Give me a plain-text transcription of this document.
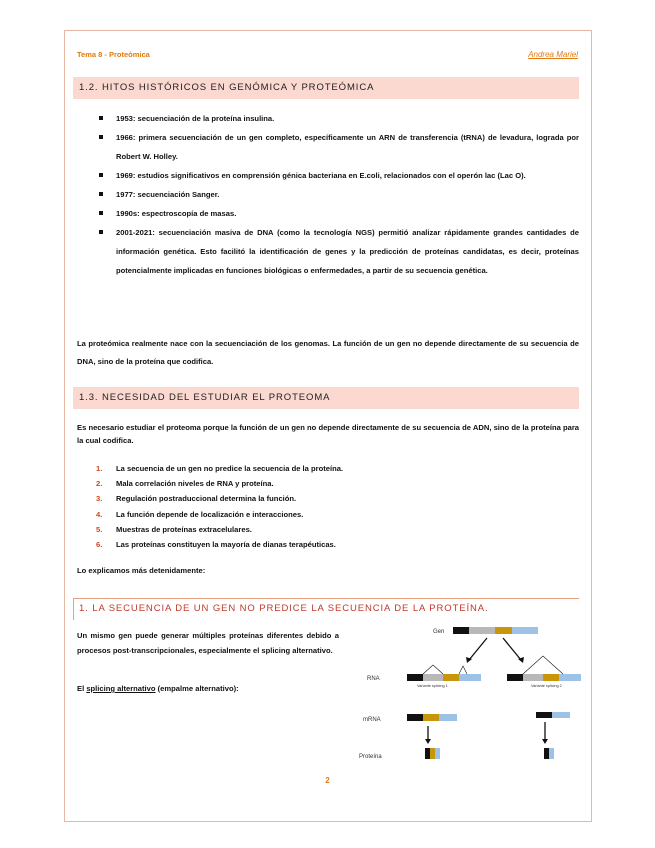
Tema 8 - Proteómica	Andrea Mariel
1.2. HITOS HISTÓRICOS EN GENÓMICA Y PROTEÓMICA
1953: secuenciación de la proteína insulina.
1966: primera secuenciación de un gen completo, específicamente un ARN de transferencia (tRNA) de levadura, lograda por Robert W. Holley.
1969: estudios significativos en comprensión génica bacteriana en E.coli, relacionados con el operón lac (Lac O).
1977: secuenciación Sanger.
1990s: espectroscopía de masas.
2001-2021: secuenciación masiva de DNA (como la tecnología NGS) permitió analizar rápidamente grandes cantidades de información genética. Esto facilitó la identificación de genes y la predicción de proteínas candidatas, es decir, proteínas potencialmente implicadas en funciones biológicas o enfermedades, a partir de su secuencia genética.
La proteómica realmente nace con la secuenciación de los genomas. La función de un gen no depende directamente de su secuencia de DNA, sino de la proteína que codifica.
1.3. NECESIDAD DEL ESTUDIAR EL PROTEOMA
Es necesario estudiar el proteoma porque la función de un gen no depende directamente de su secuencia de ADN, sino de la proteína para la cual codifica.
1. La secuencia de un gen no predice la secuencia de la proteína.
2. Mala correlación niveles de RNA y proteína.
3. Regulación postraduccional determina la función.
4. La función depende de localización e interacciones.
5. Muestras de proteínas extracelulares.
6. Las proteínas constituyen la mayoría de dianas terapéuticas.
Lo explicamos más detenidamente:
1. LA SECUENCIA DE UN GEN NO PREDICE LA SECUENCIA DE LA PROTEÍNA.
Un mismo gen puede generar múltiples proteínas diferentes debido a procesos post-transcripcionales, especialmente el splicing alternativo.
El splicing alternativo (empalme alternativo):
Gen
RNA
Variante splicing 1	Variante splicing 2
mRNA
Proteína
2
